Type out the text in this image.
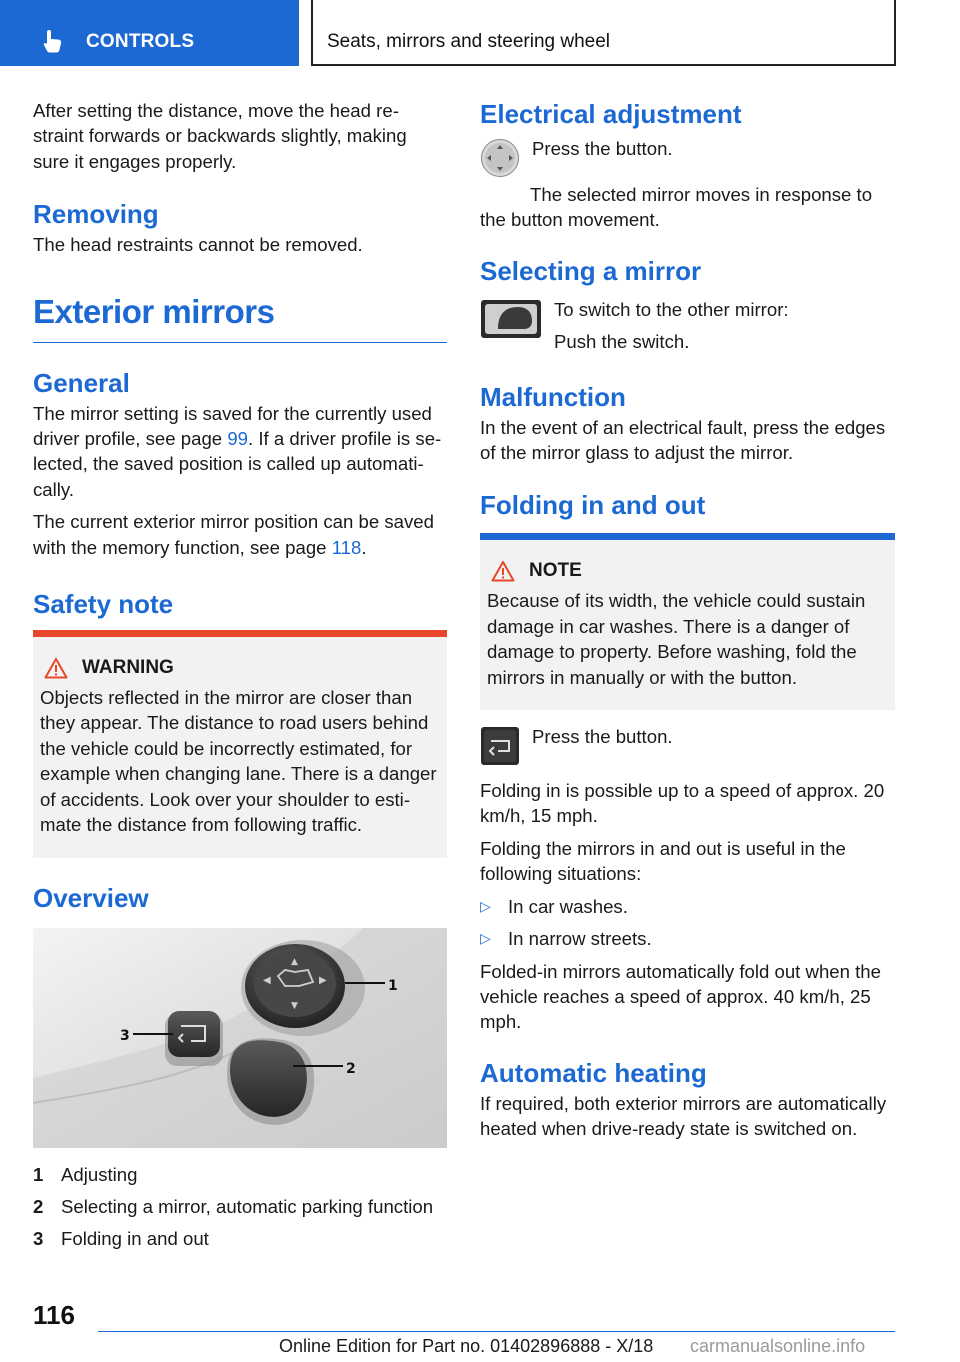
CONTROLS	Seats, mirrors and steering wheel

After setting the distance, move the head re-straint forwards or backwards slightly, making sure it engages properly.

Removing

The head restraints cannot be removed.

Exterior mirrors
General

The mirror setting is saved for the currently used driver profile, see page 99. If a driver profile is se-lected, the saved position is called up automati-cally.

The current exterior mirror position can be saved with the memory function, see page 118.

Safety note
WARNING

Objects reflected in the mirror are closer than they appear. The distance to road users behind the vehicle could be incorrectly estimated, for example when changing lane. There is a danger of accidents. Look over your shoulder to esti-mate the distance from following traffic.

Overview
◀	▶
▲
▼
1
2
3
1 Adjusting
2 Selecting a mirror, automatic parking function
3 Folding in and out
Electrical adjustment

Press the button.

The selected mirror moves in response to the button movement.

Selecting a mirror

To switch to the other mirror:

Push the switch.

Malfunction

In the event of an electrical fault, press the edges of the mirror glass to adjust the mirror.

Folding in and out
NOTE

Because of its width, the vehicle could sustain damage in car washes. There is a danger of damage to property. Before washing, fold the mirrors in manually or with the button.

Press the button.

Folding in is possible up to a speed of approx. 20 km/h, 15 mph.

Folding the mirrors in and out is useful in the following situations:

▷ In car washes.
▷ In narrow streets.

Folded-in mirrors automatically fold out when the vehicle reaches a speed of approx. 40 km/h, 25 mph.

Automatic heating

If required, both exterior mirrors are automatically heated when drive-ready state is switched on.

116
Online Edition for Part no. 01402896888 - X/18 carmanualsonline.info
